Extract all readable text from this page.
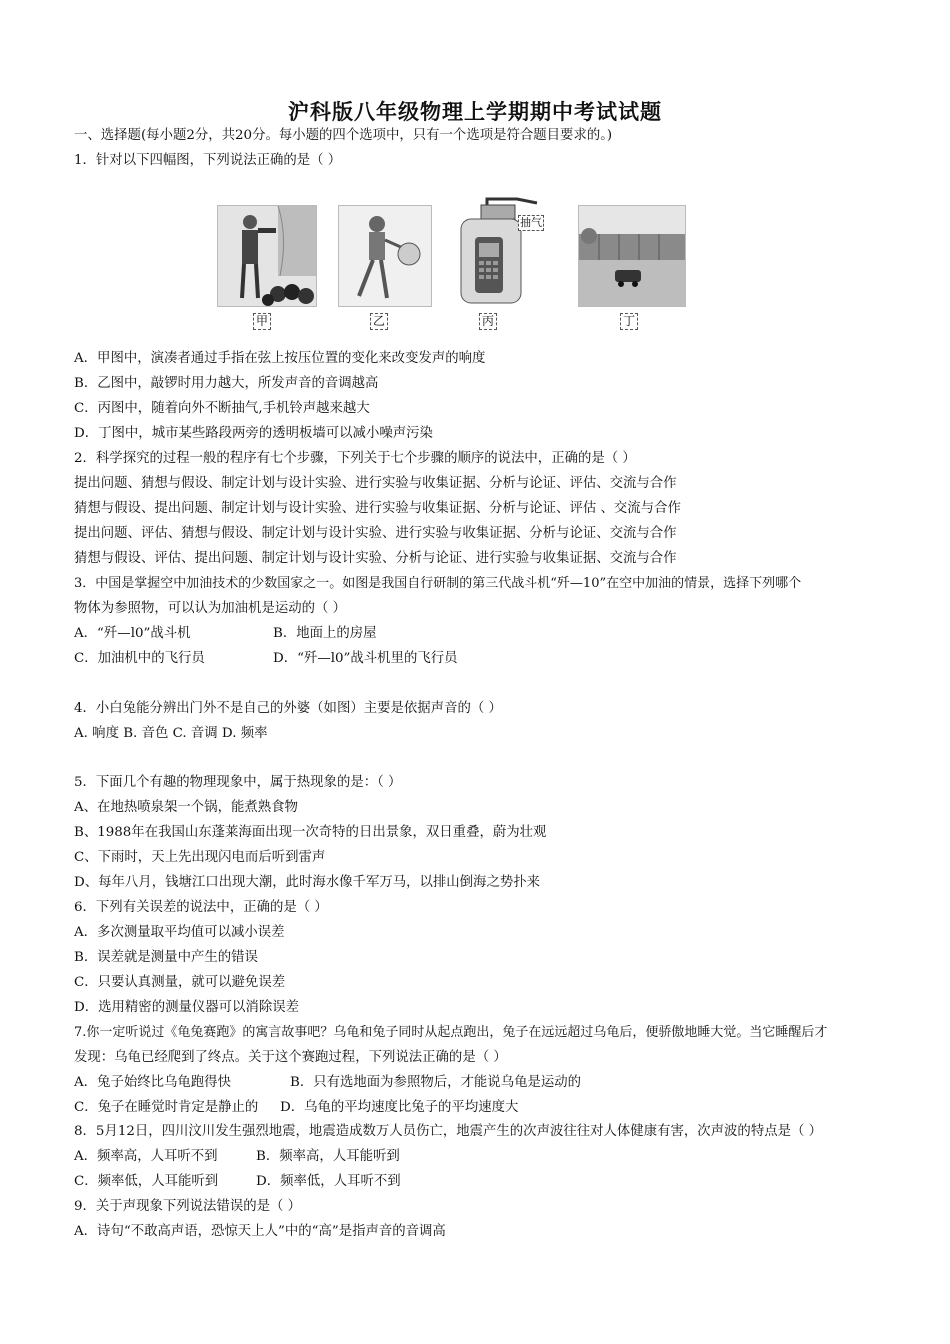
沪科版八年级物理上学期期中考试试题
一、选择题(每小题2分，共20分。每小题的四个选项中，只有一个选项是符合题目要求的。)
1．针对以下四幅图，下列说法正确的是（ ）
甲	乙
抽气
丙	丁
A．甲图中，演凑者通过手指在弦上按压位置的变化来改变发声的响度
B．乙图中，敲锣时用力越大，所发声音的音调越高
C．丙图中，随着向外不断抽气,手机铃声越来越大
D．丁图中，城市某些路段两旁的透明板墙可以减小噪声污染
2．科学探究的过程一般的程序有七个步骤，下列关于七个步骤的顺序的说法中，正确的是（ ）
提出问题、猜想与假设、制定计划与设计实验、进行实验与收集证据、分析与论证、评估、交流与合作
猜想与假设、提出问题、制定计划与设计实验、进行实验与收集证据、分析与论证、评估 、交流与合作
提出问题、评估、猜想与假设、制定计划与设计实验、进行实验与收集证据、分析与论证、交流与合作
猜想与假设、评估、提出问题、制定计划与设计实验、分析与论证、进行实验与收集证据、交流与合作
3．中国是掌握空中加油技术的少数国家之一。如图是我国自行研制的第三代战斗机“歼—10”在空中加油的情景，选择下列哪个
物体为参照物，可以认为加油机是运动的（ ）
A．“歼—l0”战斗机	B．地面上的房屋
C．加油机中的飞行员	D．“歼—l0”战斗机里的飞行员
4．小白兔能分辨出门外不是自己的外婆（如图）主要是依据声音的（ ）
A. 响度 B. 音色 C. 音调 D. 频率
5．下面几个有趣的物理现象中，属于热现象的是：（ ）
A、在地热喷泉架一个锅，能煮熟食物
B、1988年在我国山东蓬莱海面出现一次奇特的日出景象，双日重叠，蔚为壮观
C、下雨时，天上先出现闪电而后听到雷声
D、每年八月，钱塘江口出现大潮，此时海水像千军万马，以排山倒海之势扑来
6．下列有关误差的说法中，正确的是（ ）
A．多次测量取平均值可以减小误差
B．误差就是测量中产生的错误
C．只要认真测量，就可以避免误差
D．选用精密的测量仪器可以消除误差
7.你一定听说过《龟兔赛跑》的寓言故事吧？乌龟和兔子同时从起点跑出，兔子在远远超过乌龟后，便骄傲地睡大觉。当它睡醒后才
发现：乌龟已经爬到了终点。关于这个赛跑过程，下列说法正确的是（ ）
A．兔子始终比乌龟跑得快	B．只有选地面为参照物后，才能说乌龟是运动的
C．兔子在睡觉时肯定是静止的 D．乌龟的平均速度比兔子的平均速度大
8．5月12日，四川汶川发生强烈地震，地震造成数万人员伤亡，地震产生的次声波往往对人体健康有害，次声波的特点是（ ）
A．频率高，人耳听不到	B．频率高，人耳能听到
C．频率低，人耳能听到	D．频率低，人耳听不到
9．关于声现象下列说法错误的是（ ）
A．诗句“不敢高声语，恐惊天上人”中的“高”是指声音的音调高
